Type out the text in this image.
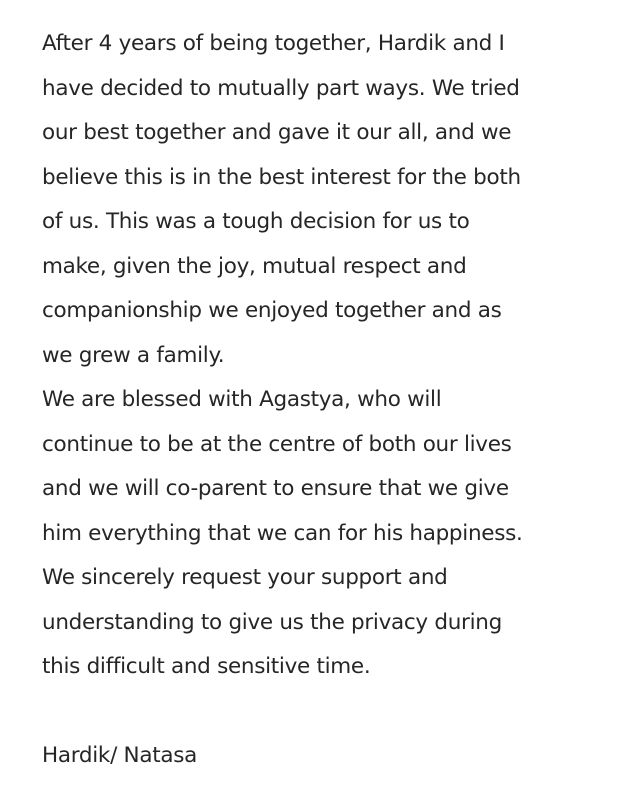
After 4 years of being together, Hardik and I
have decided to mutually part ways. We tried
our best together and gave it our all, and we
believe this is in the best interest for the both
of us. This was a tough decision for us to
make, given the joy, mutual respect and
companionship we enjoyed together and as
we grew a family.
We are blessed with Agastya, who will
continue to be at the centre of both our lives
and we will co-parent to ensure that we give
him everything that we can for his happiness.
We sincerely request your support and
understanding to give us the privacy during
this difficult and sensitive time.
Hardik/ Natasa
